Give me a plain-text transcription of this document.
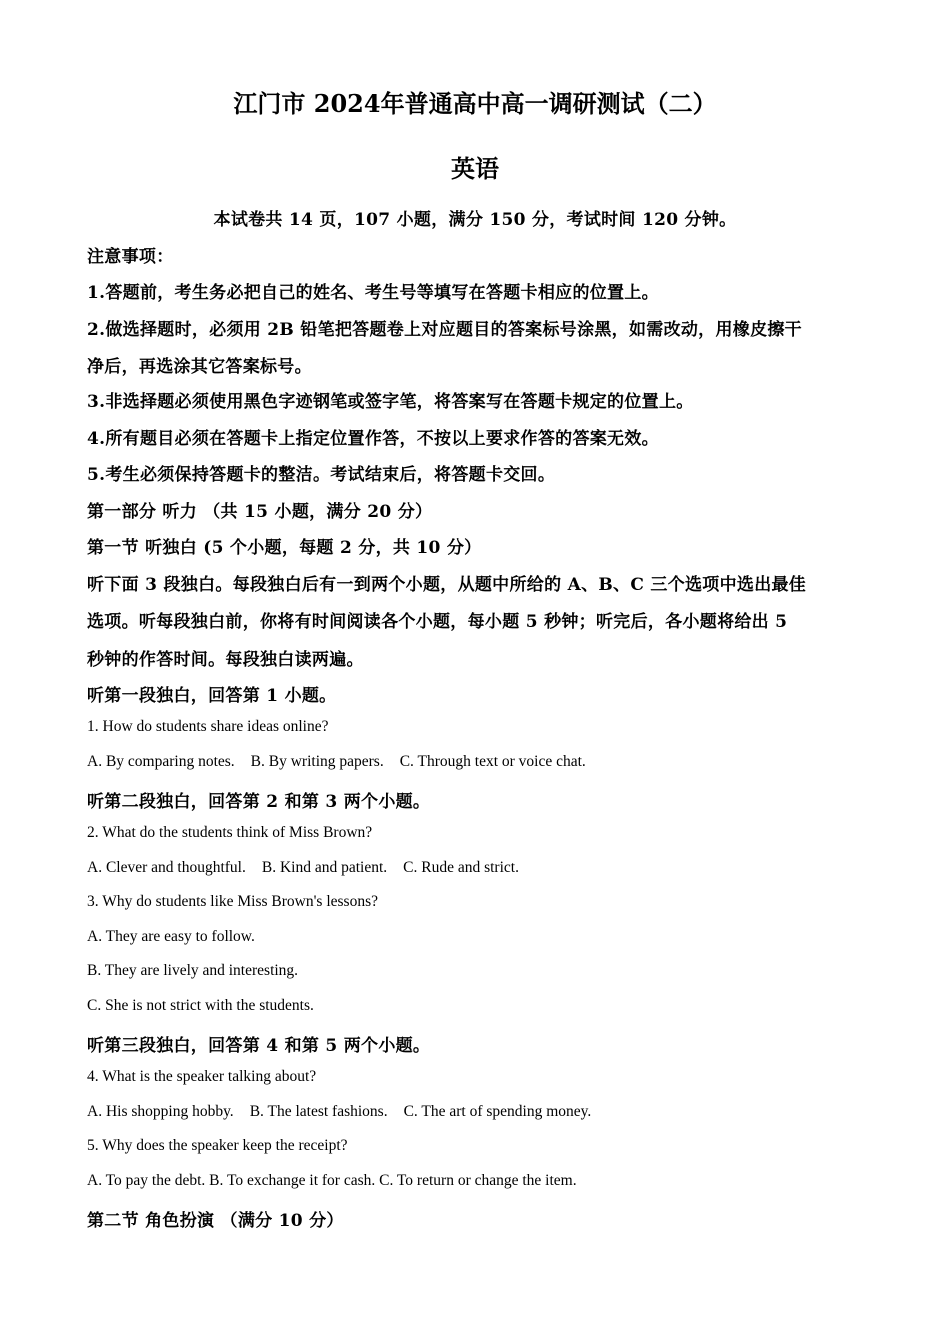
江门市 2024年普通高中高一调研测试（二）
英语
本试卷共 14 页，107 小题，满分 150 分，考试时间 120 分钟。
注意事项：
1.答题前，考生务必把自己的姓名、考生号等填写在答题卡相应的位置上。
2.做选择题时，必须用 2B 铅笔把答题卷上对应题目的答案标号涂黑，如需改动，用橡皮擦干
净后，再选涂其它答案标号。
3.非选择题必须使用黑色字迹钢笔或签字笔，将答案写在答题卡规定的位置上。
4.所有题目必须在答题卡上指定位置作答，不按以上要求作答的答案无效。
5.考生必须保持答题卡的整洁。考试结束后，将答题卡交回。
第一部分 听力 （共 15 小题，满分 20 分）
第一节 听独白 (5 个小题，每题 2 分，共 10 分）
听下面 3 段独白。每段独白后有一到两个小题，从题中所给的 A、B、C 三个选项中选出最佳
选项。听每段独白前，你将有时间阅读各个小题，每小题 5 秒钟；听完后，各小题将给出 5
秒钟的作答时间。每段独白读两遍。
听第一段独白，回答第 1 小题。
1. How do students share ideas online?
A. By comparing notes. B. By writing papers. C. Through text or voice chat.
听第二段独白，回答第 2 和第 3 两个小题。
2. What do the students think of Miss Brown?
A. Clever and thoughtful. B. Kind and patient. C. Rude and strict.
3. Why do students like Miss Brown's lessons?
A. They are easy to follow.
B. They are lively and interesting.
C. She is not strict with the students.
听第三段独白，回答第 4 和第 5 两个小题。
4. What is the speaker talking about?
A. His shopping hobby. B. The latest fashions. C. The art of spending money.
5. Why does the speaker keep the receipt?
A. To pay the debt. B. To exchange it for cash. C. To return or change the item.
第二节 角色扮演 （满分 10 分）
